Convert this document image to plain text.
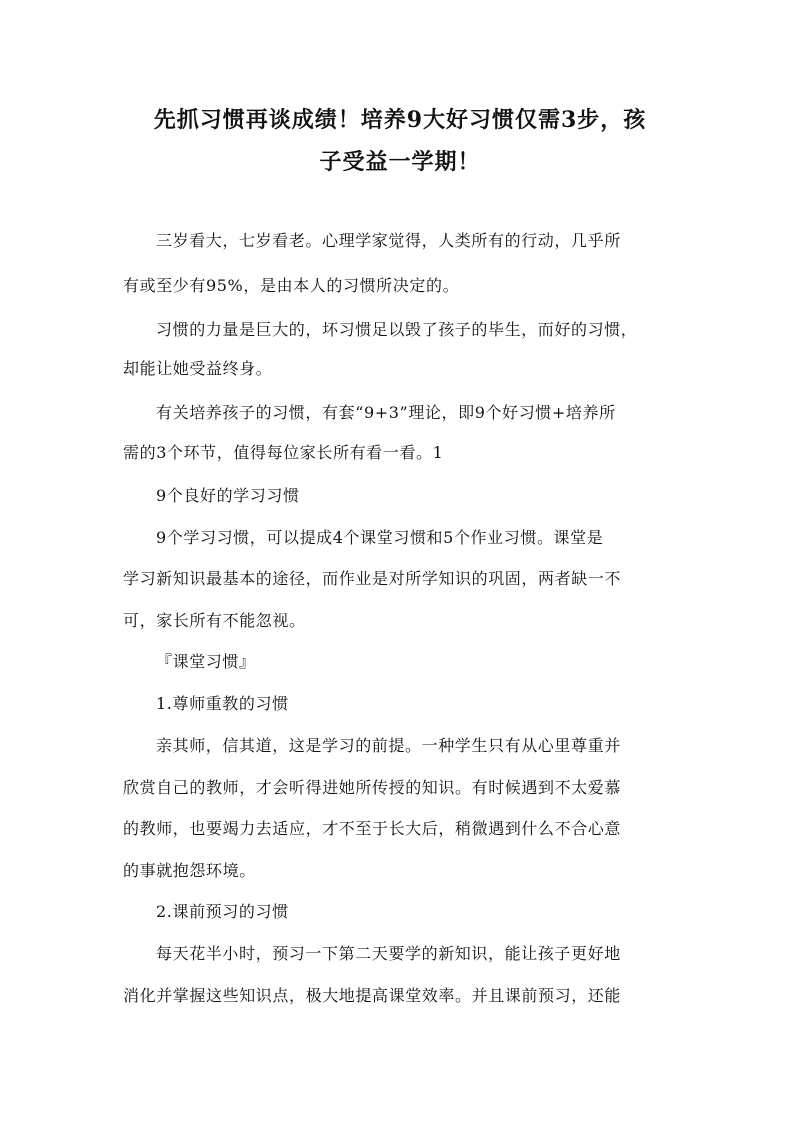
先抓习惯再谈成绩！培养9大好习惯仅需3步，孩
子受益一学期！

三岁看大，七岁看老。心理学家觉得，人类所有的行动，几乎所

有或至少有95%，是由本人的习惯所决定的。

习惯的力量是巨大的，坏习惯足以毁了孩子的毕生，而好的习惯，

却能让她受益终身。

有关培养孩子的习惯，有套“9+3”理论，即9个好习惯+培养所

需的3个环节，值得每位家长所有看一看。1

9个良好的学习习惯

9个学习习惯，可以提成4个课堂习惯和5个作业习惯。课堂是

学习新知识最基本的途径，而作业是对所学知识的巩固，两者缺一不

可，家长所有不能忽视。

『课堂习惯』

1.尊师重教的习惯

亲其师，信其道，这是学习的前提。一种学生只有从心里尊重并

欣赏自己的教师，才会听得进她所传授的知识。有时候遇到不太爱慕

的教师，也要竭力去适应，才不至于长大后，稍微遇到什么不合心意

的事就抱怨环境。

2.课前预习的习惯

每天花半小时，预习一下第二天要学的新知识，能让孩子更好地

消化并掌握这些知识点，极大地提高课堂效率。并且课前预习，还能
